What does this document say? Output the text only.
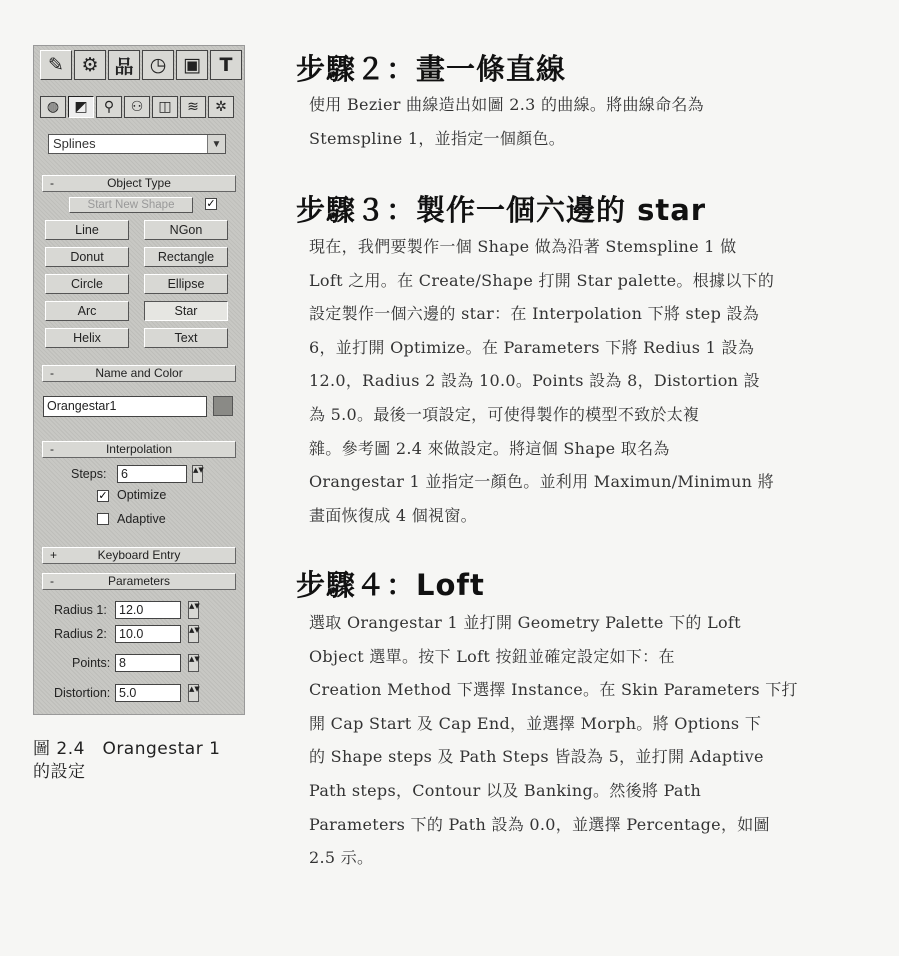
✎ ⚙ 品 ◷ ▣ T
◍ ◩ ⚲ ⚇ ◫ ≋ ✲
Splines	▼
-	Object Type
Start New Shape	✓
Line	NGon
Donut	Rectangle
Circle	Ellipse
Arc	Star
Helix	Text
-	Name and Color
Orangestar1
-	Interpolation
Steps:	6	▲▼
✓ Optimize
Adaptive
+	Keyboard Entry
-	Parameters
Radius 1: 12.0	▲▼
Radius 2: 10.0	▲▼
Points: 8	▲▼
Distortion: 5.0	▲▼
圖 2.4　Orangestar 1
的設定
步驟２：畫一條直線
使用 Bezier 曲線造出如圖 2.3 的曲線。將曲線命名為
Stemspline 1，並指定一個顏色。
步驟３：製作一個六邊的 star
現在，我們要製作一個 Shape 做為沿著 Stemspline 1 做
Loft 之用。在 Create/Shape 打開 Star palette。根據以下的
設定製作一個六邊的 star：在 Interpolation 下將 step 設為
6，並打開 Optimize。在 Parameters 下將 Redius 1 設為
12.0，Radius 2 設為 10.0。Points 設為 8，Distortion 設
為 5.0。最後一項設定，可使得製作的模型不致於太複
雜。參考圖 2.4 來做設定。將這個 Shape 取名為
Orangestar 1 並指定一顏色。並利用 Maximun/Minimun 將
畫面恢復成 4 個視窗。
步驟４：Loft
選取 Orangestar 1 並打開 Geometry Palette 下的 Loft
Object 選單。按下 Loft 按鈕並確定設定如下：在
Creation Method 下選擇 Instance。在 Skin Parameters 下打
開 Cap Start 及 Cap End，並選擇 Morph。將 Options 下
的 Shape steps 及 Path Steps 皆設為 5，並打開 Adaptive
Path steps，Contour 以及 Banking。然後將 Path
Parameters 下的 Path 設為 0.0，並選擇 Percentage，如圖
2.5 示。
